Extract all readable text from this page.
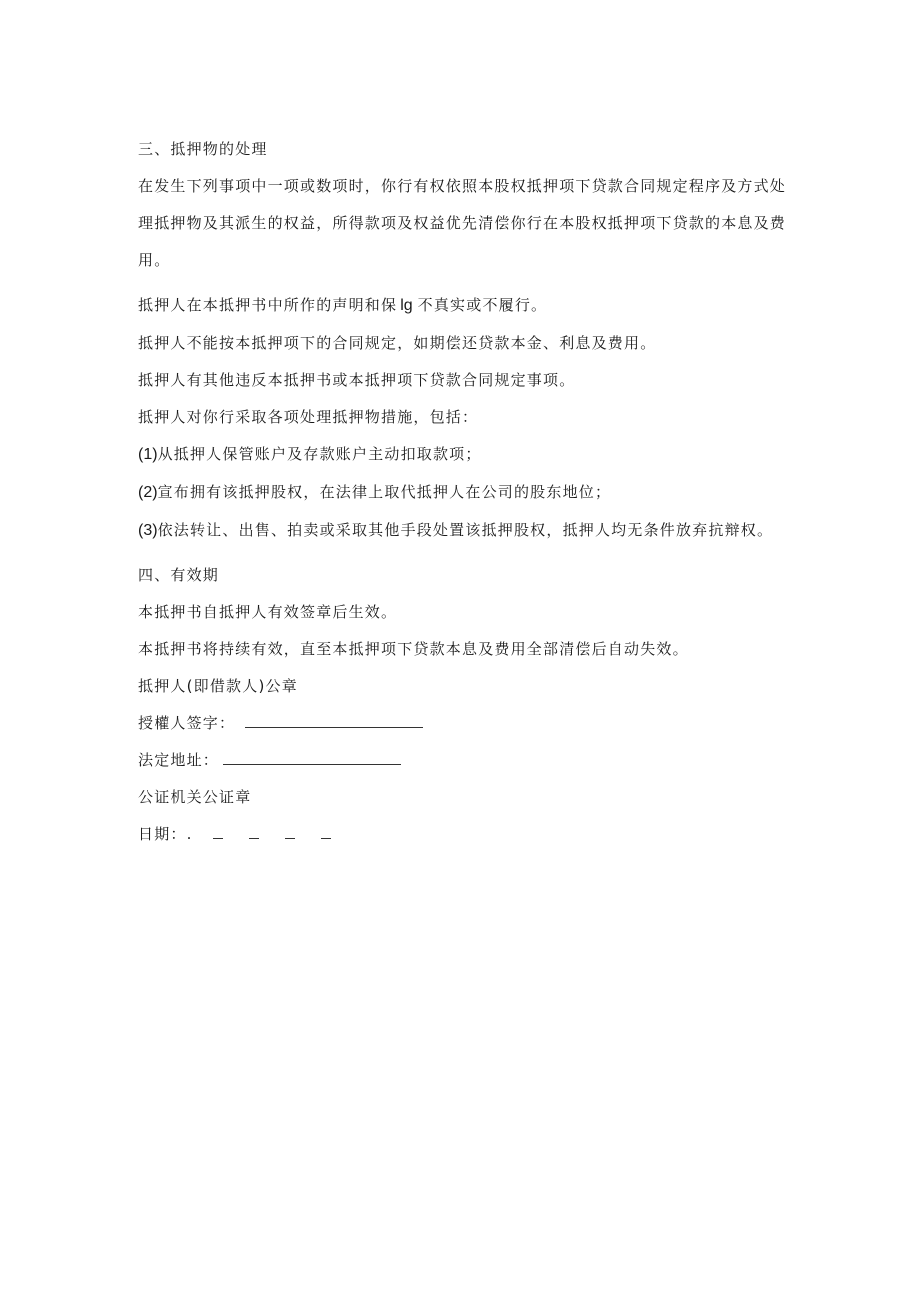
三、抵押物的处理
在发生下列事项中一项或数项时，你行有权依照本股权抵押项下贷款合同规定程序及方式处理抵押物及其派生的权益，所得款项及权益优先清偿你行在本股权抵押项下贷款的本息及费用。
抵押人在本抵押书中所作的声明和保 lg 不真实或不履行。
抵押人不能按本抵押项下的合同规定，如期偿还贷款本金、利息及费用。
抵押人有其他违反本抵押书或本抵押项下贷款合同规定事项。
抵押人对你行采取各项处理抵押物措施，包括：
(1)从抵押人保管账户及存款账户主动扣取款项；
(2)宣布拥有该抵押股权，在法律上取代抵押人在公司的股东地位；
(3)依法转让、出售、拍卖或采取其他手段处置该抵押股权，抵押人均无条件放弃抗辩权。
四、有效期
本抵押书自抵押人有效签章后生效。
本抵押书将持续有效，直至本抵押项下贷款本息及费用全部清偿后自动失效。
抵押人(即借款人)公章
授權人签字：
法定地址：
公证机关公证章
日期：.
